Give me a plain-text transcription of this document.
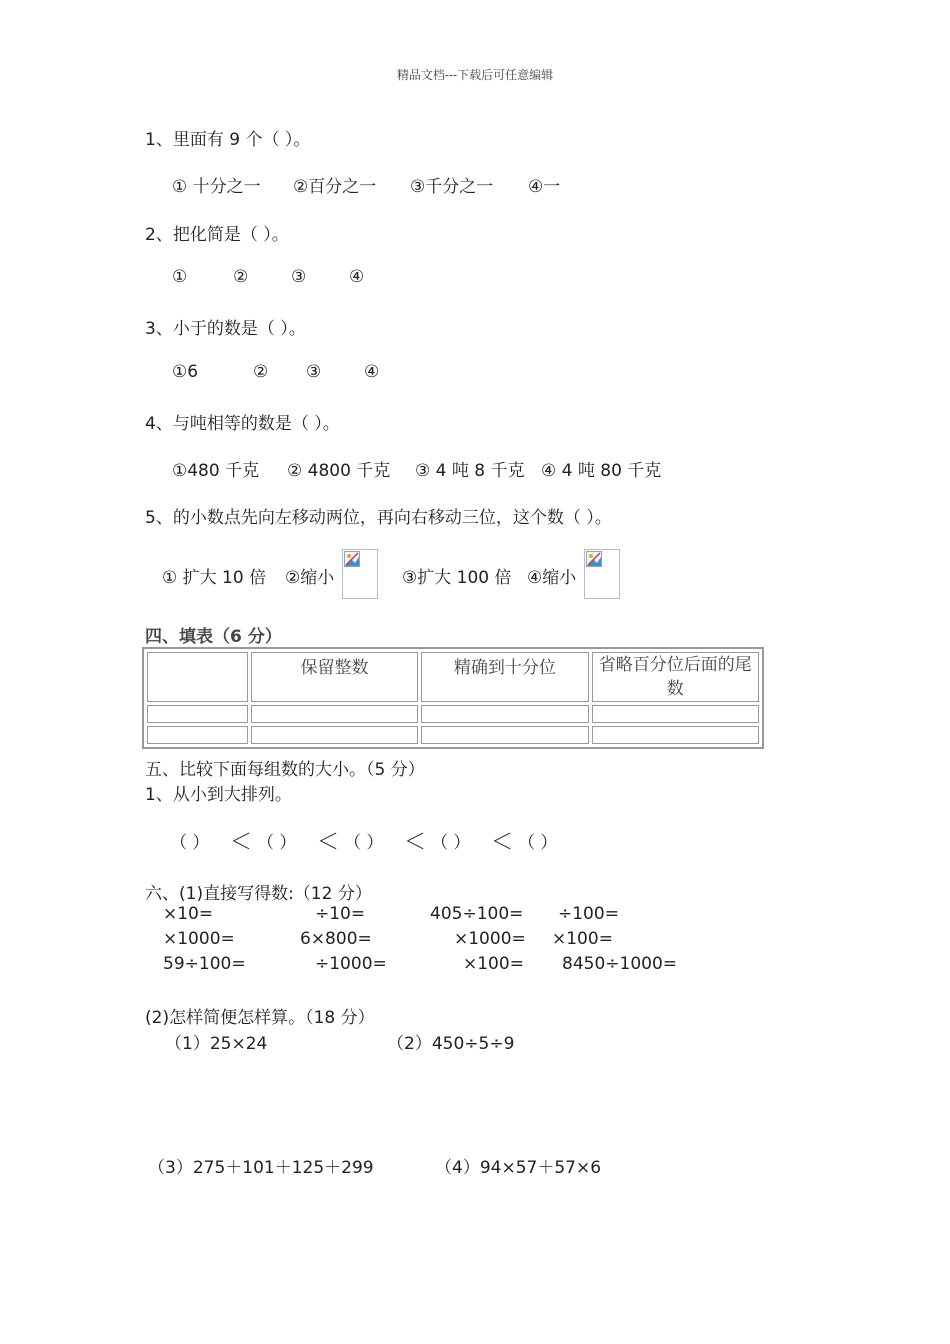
精品文档---下载后可任意编辑
1、里面有 9 个（ ）。
① 十分之一 ②百分之一 ③千分之一 ④一
2、把化简是（ ）。
①	②	③	④
3、小于的数是（ ）。
①6	② ③	④
4、与吨相等的数是（ ）。
①480 千克 ② 4800 千克 ③ 4 吨 8 千克 ④ 4 吨 80 千克
5、的小数点先向左移动两位，再向右移动三位，这个数（ ）。
① 扩大 10 倍 ②缩小	③扩大 100 倍 ④缩小
四、填表（6 分）
	保留整数	精确到十分位	省略百分位后面的尾数

五、比较下面每组数的大小。（5 分）
1、从小到大排列。
（ ） ＜ （ ） ＜ （ ） ＜ （ ） ＜ （ ）
六、(1)直接写得数:（12 分）
×10=	÷10=	405÷100= ÷100=
×1000=	6×800=	×1000= ×100=
59÷100=	÷1000=	×100= 8450÷1000=
(2)怎样简便怎样算。（18 分）
（1）25×24	（2）450÷5÷9
（3）275＋101＋125＋299	（4）94×57＋57×6
